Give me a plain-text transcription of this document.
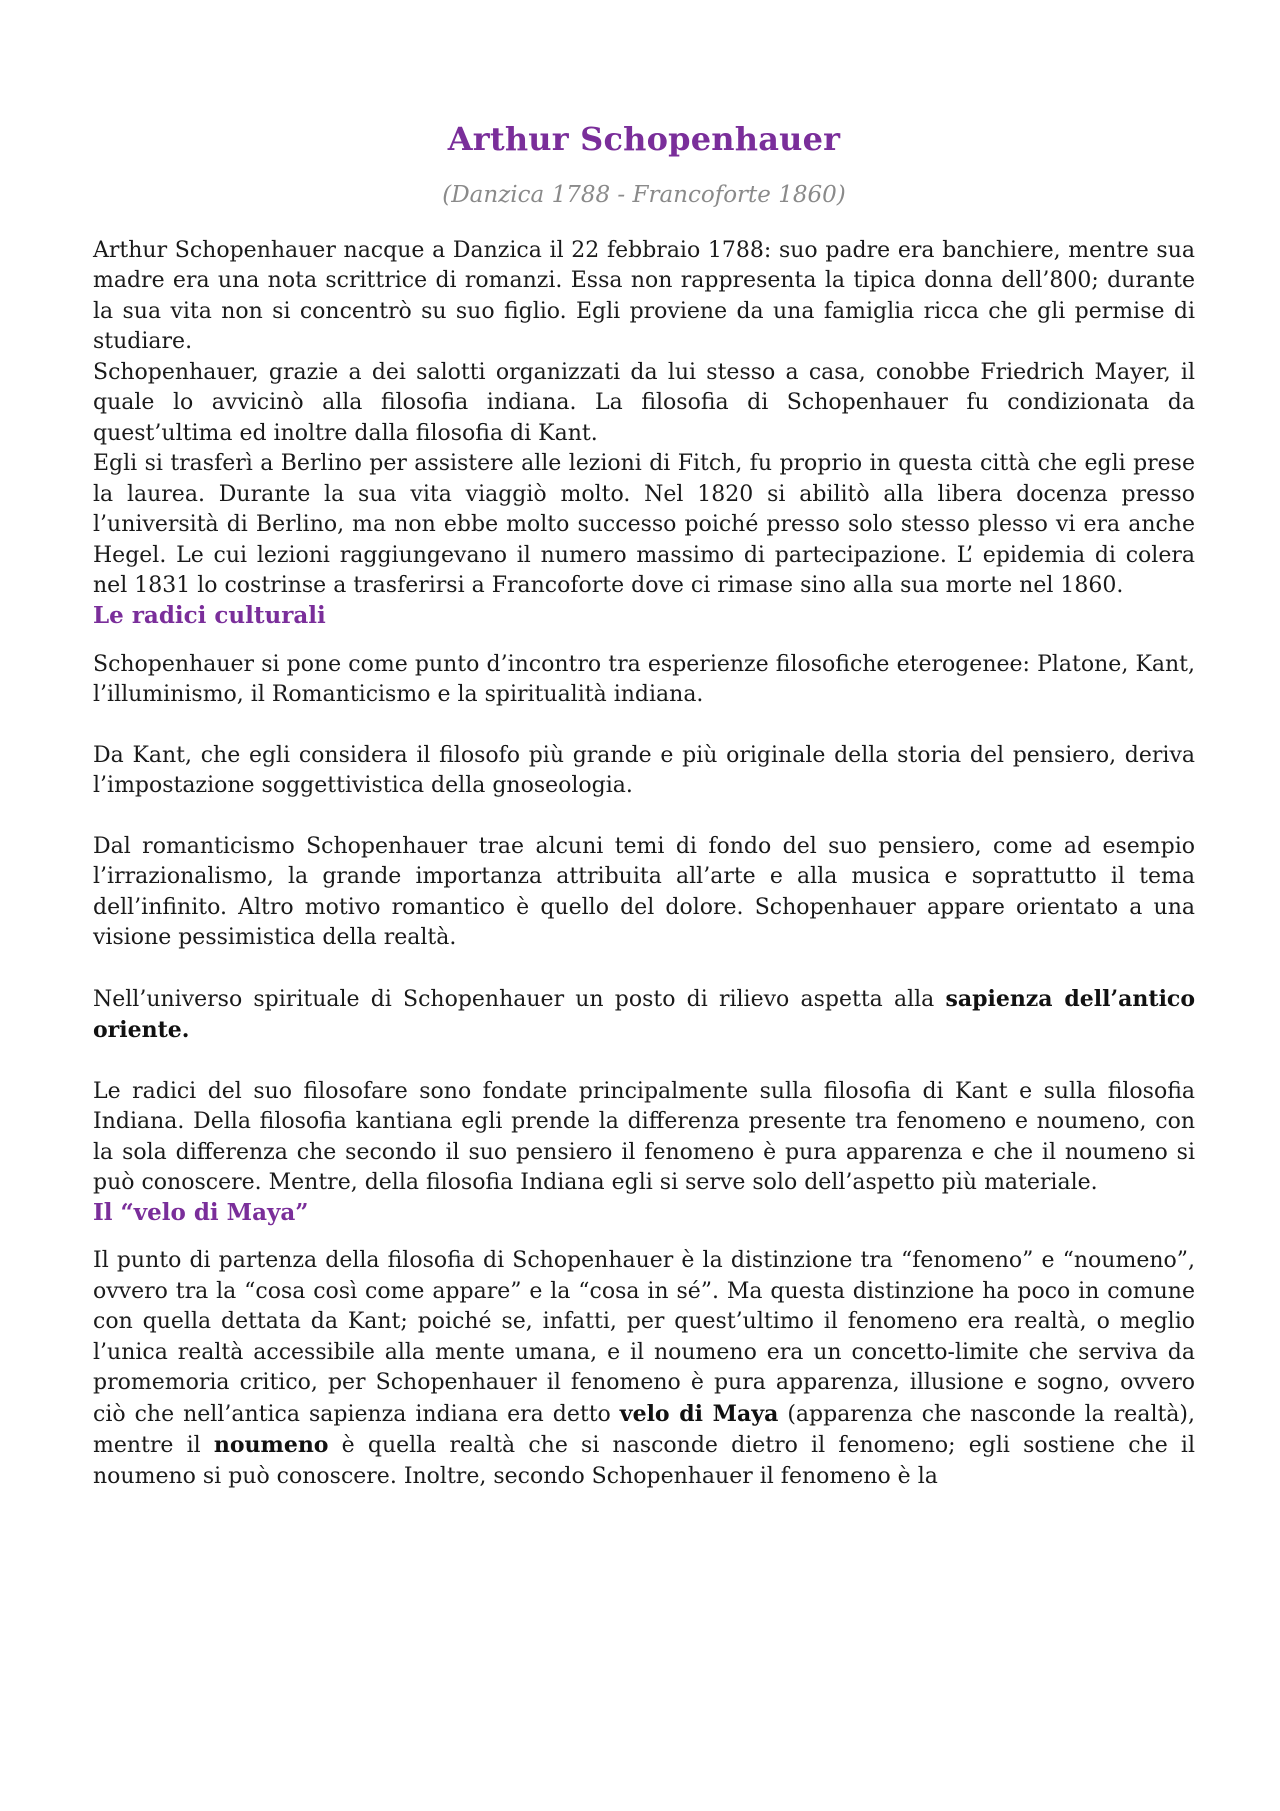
Arthur Schopenhauer
(Danzica 1788 - Francoforte 1860)

Arthur Schopenhauer nacque a Danzica il 22 febbraio 1788: suo padre era banchiere, mentre sua madre era una nota scrittrice di romanzi. Essa non rappresenta la tipica donna dell’800; durante la sua vita non si concentrò su suo figlio. Egli proviene da una famiglia ricca che gli permise di studiare.

Schopenhauer, grazie a dei salotti organizzati da lui stesso a casa, conobbe Friedrich Mayer, il quale lo avvicinò alla filosofia indiana. La filosofia di Schopenhauer fu condizionata da quest’ultima ed inoltre dalla filosofia di Kant.

Egli si trasferì a Berlino per assistere alle lezioni di Fitch, fu proprio in questa città che egli prese la laurea. Durante la sua vita viaggiò molto. Nel 1820 si abilitò alla libera docenza presso l’università di Berlino, ma non ebbe molto successo poiché presso solo stesso plesso vi era anche Hegel. Le cui lezioni raggiungevano il numero massimo di partecipazione. L’ epidemia di colera nel 1831 lo costrinse a trasferirsi a Francoforte dove ci rimase sino alla sua morte nel 1860.

Le radici culturali

Schopenhauer si pone come punto d’incontro tra esperienze filosofiche eterogenee: Platone, Kant, l’illuminismo, il Romanticismo e la spiritualità indiana.

Da Kant, che egli considera il filosofo più grande e più originale della storia del pensiero, deriva l’impostazione soggettivistica della gnoseologia.

Dal romanticismo Schopenhauer trae alcuni temi di fondo del suo pensiero, come ad esempio l’irrazionalismo, la grande importanza attribuita all’arte e alla musica e soprattutto il tema dell’infinito. Altro motivo romantico è quello del dolore. Schopenhauer appare orientato a una visione pessimistica della realtà.

Nell’universo spirituale di Schopenhauer un posto di rilievo aspetta alla sapienza dell’antico oriente.

Le radici del suo filosofare sono fondate principalmente sulla filosofia di Kant e sulla filosofia Indiana. Della filosofia kantiana egli prende la differenza presente tra fenomeno e noumeno, con la sola differenza che secondo il suo pensiero il fenomeno è pura apparenza e che il noumeno si può conoscere. Mentre, della filosofia Indiana egli si serve solo dell’aspetto più materiale.

Il “velo di Maya”

Il punto di partenza della filosofia di Schopenhauer è la distinzione tra “fenomeno” e “noumeno”, ovvero tra la “cosa così come appare” e la “cosa in sé”. Ma questa distinzione ha poco in comune con quella dettata da Kant; poiché se, infatti, per quest’ultimo il fenomeno era realtà, o meglio l’unica realtà accessibile alla mente umana, e il noumeno era un concetto-limite che serviva da promemoria critico, per Schopenhauer il fenomeno è pura apparenza, illusione e sogno, ovvero ciò che nell’antica sapienza indiana era detto velo di Maya (apparenza che nasconde la realtà), mentre il noumeno è quella realtà che si nasconde dietro il fenomeno; egli sostiene che il noumeno si può conoscere. Inoltre, secondo Schopenhauer il fenomeno è la
